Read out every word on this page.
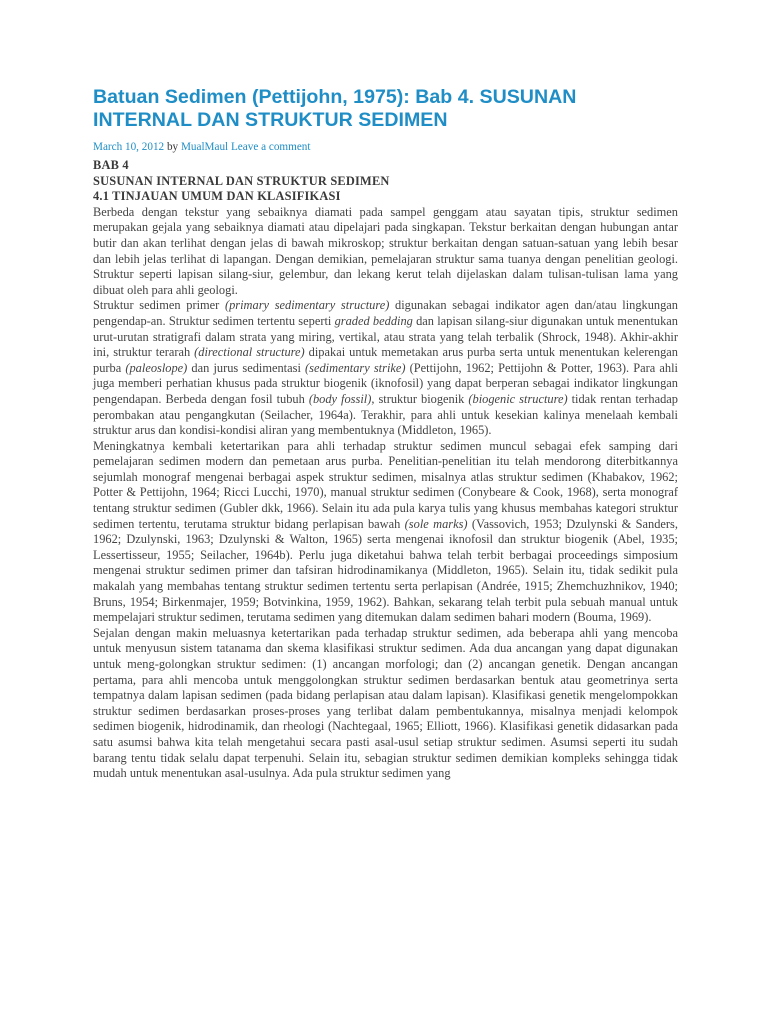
Batuan Sedimen (Pettijohn, 1975): Bab 4. SUSUNAN INTERNAL DAN STRUKTUR SEDIMEN
March 10, 2012 by MualMaul Leave a comment

BAB 4

SUSUNAN INTERNAL DAN STRUKTUR SEDIMEN

4.1 TINJAUAN UMUM DAN KLASIFIKASI

Berbeda dengan tekstur yang sebaiknya diamati pada sampel genggam atau sayatan tipis, struktur sedimen merupakan gejala yang sebaiknya diamati atau dipelajari pada singkapan. Tekstur berkaitan dengan hubungan antar butir dan akan terlihat dengan jelas di bawah mikroskop; struktur berkaitan dengan satuan-satuan yang lebih besar dan lebih jelas terlihat di lapangan. Dengan demikian, pemelajaran struktur sama tuanya dengan penelitian geologi. Struktur seperti lapisan silang-siur, gelembur, dan lekang kerut telah dijelaskan dalam tulisan-tulisan lama yang dibuat oleh para ahli geologi.

Struktur sedimen primer (primary sedimentary structure) digunakan sebagai indikator agen dan/atau lingkungan pengendap-an. Struktur sedimen tertentu seperti graded bedding dan lapisan silang-siur digunakan untuk menentukan urut-urutan stratigrafi dalam strata yang miring, vertikal, atau strata yang telah terbalik (Shrock, 1948). Akhir-akhir ini, struktur terarah (directional structure) dipakai untuk memetakan arus purba serta untuk menentukan kelerengan purba (paleoslope) dan jurus sedimentasi (sedimentary strike) (Pettijohn, 1962; Pettijohn & Potter, 1963). Para ahli juga memberi perhatian khusus pada struktur biogenik (iknofosil) yang dapat berperan sebagai indikator lingkungan pengendapan. Berbeda dengan fosil tubuh (body fossil), struktur biogenik (biogenic structure) tidak rentan terhadap perombakan atau pengangkutan (Seilacher, 1964a). Terakhir, para ahli untuk kesekian kalinya menelaah kembali struktur arus dan kondisi-kondisi aliran yang membentuknya (Middleton, 1965).

Meningkatnya kembali ketertarikan para ahli terhadap struktur sedimen muncul sebagai efek samping dari pemelajaran sedimen modern dan pemetaan arus purba. Penelitian-penelitian itu telah mendorong diterbitkannya sejumlah monograf mengenai berbagai aspek struktur sedimen, misalnya atlas struktur sedimen (Khabakov, 1962; Potter & Pettijohn, 1964; Ricci Lucchi, 1970), manual struktur sedimen (Conybeare & Cook, 1968), serta monograf tentang struktur sedimen (Gubler dkk, 1966). Selain itu ada pula karya tulis yang khusus membahas kategori struktur sedimen tertentu, terutama struktur bidang perlapisan bawah (sole marks) (Vassovich, 1953; Dzulynski & Sanders, 1962; Dzulynski, 1963; Dzulynski & Walton, 1965) serta mengenai iknofosil dan struktur biogenik (Abel, 1935; Lessertisseur, 1955; Seilacher, 1964b). Perlu juga diketahui bahwa telah terbit berbagai proceedings simposium mengenai struktur sedimen primer dan tafsiran hidrodinamikanya (Middleton, 1965). Selain itu, tidak sedikit pula makalah yang membahas tentang struktur sedimen tertentu serta perlapisan (Andrée, 1915; Zhemchuzhnikov, 1940; Bruns, 1954; Birkenmajer, 1959; Botvinkina, 1959, 1962). Bahkan, sekarang telah terbit pula sebuah manual untuk mempelajari struktur sedimen, terutama sedimen yang ditemukan dalam sedimen bahari modern (Bouma, 1969).

Sejalan dengan makin meluasnya ketertarikan pada terhadap struktur sedimen, ada beberapa ahli yang mencoba untuk menyusun sistem tatanama dan skema klasifikasi struktur sedimen. Ada dua ancangan yang dapat digunakan untuk meng-golongkan struktur sedimen: (1) ancangan morfologi; dan (2) ancangan genetik. Dengan ancangan pertama, para ahli mencoba untuk menggolongkan struktur sedimen berdasarkan bentuk atau geometrinya serta tempatnya dalam lapisan sedimen (pada bidang perlapisan atau dalam lapisan). Klasifikasi genetik mengelompokkan struktur sedimen berdasarkan proses-proses yang terlibat dalam pembentukannya, misalnya menjadi kelompok sedimen biogenik, hidrodinamik, dan rheologi (Nachtegaal, 1965; Elliott, 1966). Klasifikasi genetik didasarkan pada satu asumsi bahwa kita telah mengetahui secara pasti asal-usul setiap struktur sedimen. Asumsi seperti itu sudah barang tentu tidak selalu dapat terpenuhi. Selain itu, sebagian struktur sedimen demikian kompleks sehingga tidak mudah untuk menentukan asal-usulnya. Ada pula struktur sedimen yang
